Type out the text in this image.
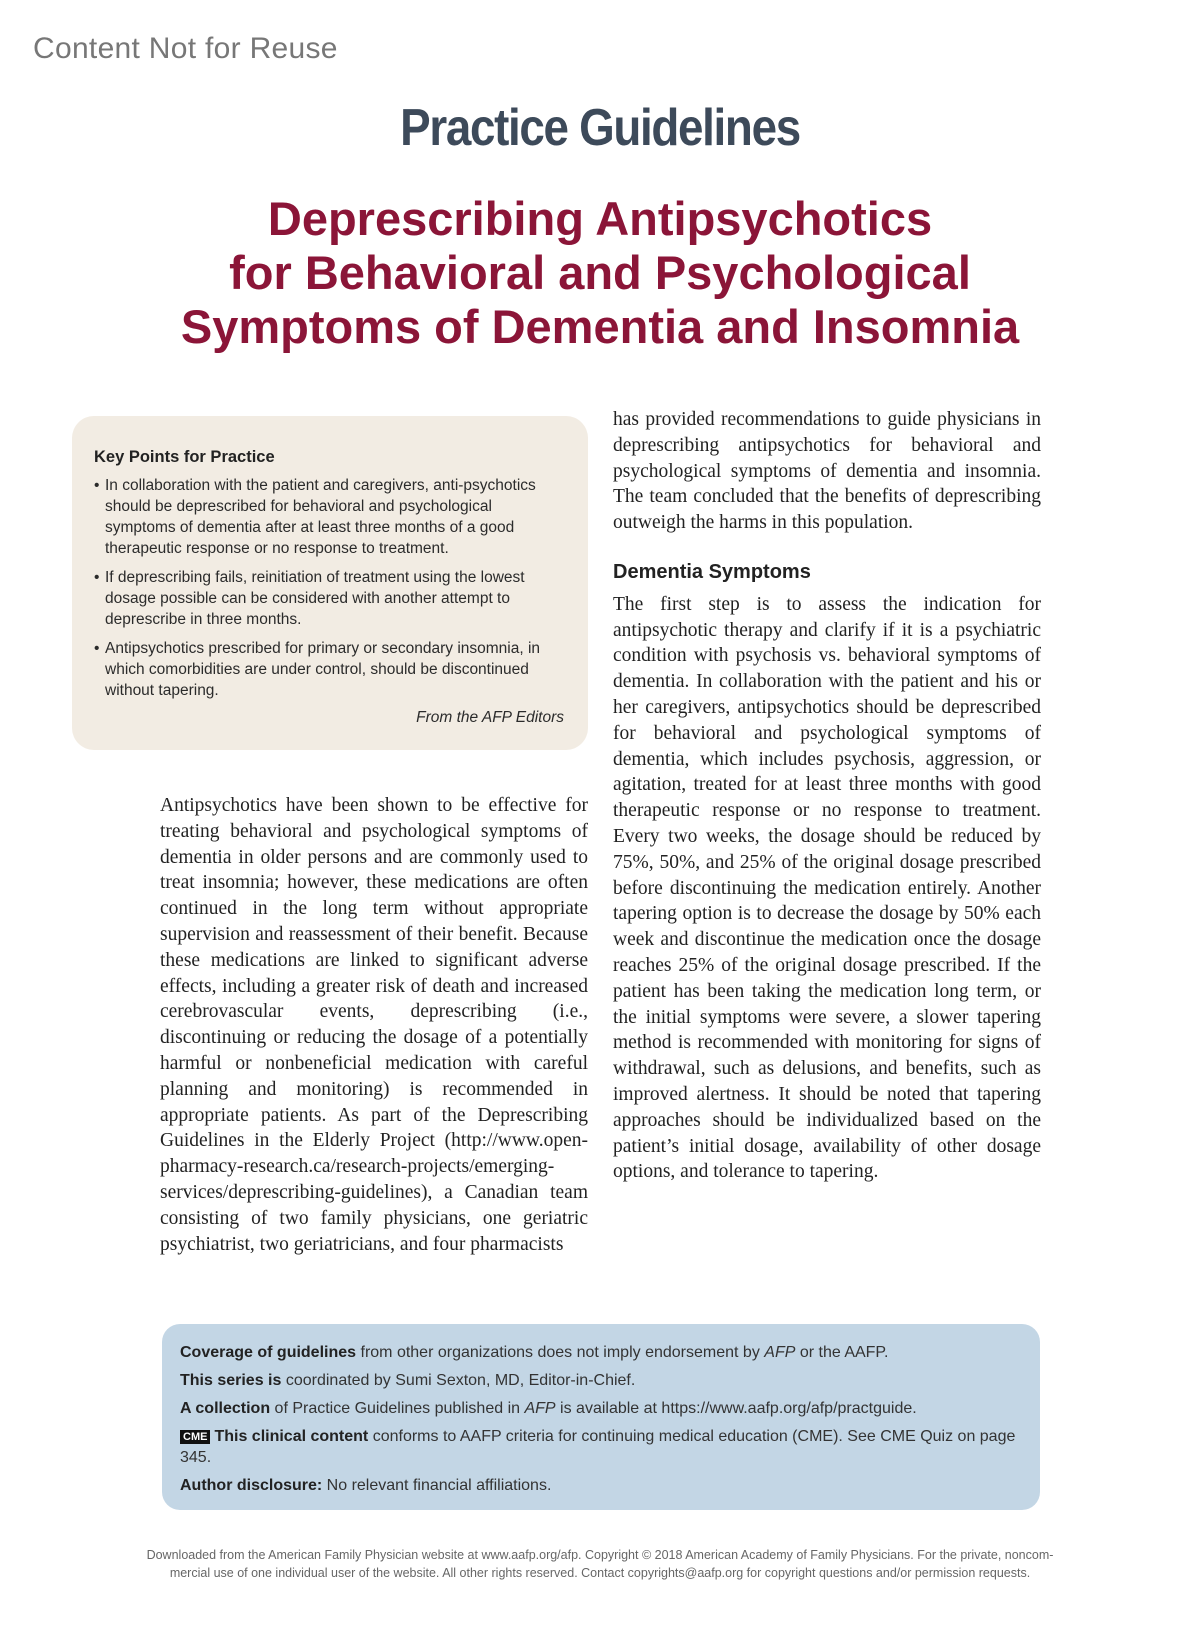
Content Not for Reuse
Practice Guidelines
Deprescribing Antipsychotics
for Behavioral and Psychological
Symptoms of Dementia and Insomnia
Key Points for Practice
• In collaboration with the patient and caregivers, anti-psychotics should be deprescribed for behavioral and psychological symptoms of dementia after at least three months of a good therapeutic response or no response to treatment.
• If deprescribing fails, reinitiation of treatment using the lowest dosage possible can be considered with another attempt to deprescribe in three months.
• Antipsychotics prescribed for primary or secondary insomnia, in which comorbidities are under control, should be discontinued without tapering.
From the AFP Editors

Antipsychotics have been shown to be effective for treating behavioral and psychological symptoms of dementia in older persons and are commonly used to treat insomnia; however, these medications are often continued in the long term without appropriate supervision and reassessment of their benefit. Because these medications are linked to significant adverse effects, including a greater risk of death and increased cerebrovascular events, deprescribing (i.e., discontinuing or reducing the dosage of a potentially harmful or nonbeneficial medication with careful planning and monitoring) is recommended in appropriate patients. As part of the Deprescribing Guidelines in the Elderly Project (http://www.open-pharmacy-research.ca/research-projects/emerging-services/deprescribing-guidelines), a Canadian team consisting of two family physicians, one geriatric psychiatrist, two geriatricians, and four pharmacists

has provided recommendations to guide physicians in deprescribing antipsychotics for behavioral and psychological symptoms of dementia and insomnia. The team concluded that the benefits of deprescribing outweigh the harms in this population.

Dementia Symptoms

The first step is to assess the indication for antipsychotic therapy and clarify if it is a psychiatric condition with psychosis vs. behavioral symptoms of dementia. In collaboration with the patient and his or her caregivers, antipsychotics should be deprescribed for behavioral and psychological symptoms of dementia, which includes psychosis, aggression, or agitation, treated for at least three months with good therapeutic response or no response to treatment. Every two weeks, the dosage should be reduced by 75%, 50%, and 25% of the original dosage prescribed before discontinuing the medication entirely. Another tapering option is to decrease the dosage by 50% each week and discontinue the medication once the dosage reaches 25% of the original dosage prescribed. If the patient has been taking the medication long term, or the initial symptoms were severe, a slower tapering method is recommended with monitoring for signs of withdrawal, such as delusions, and benefits, such as improved alertness. It should be noted that tapering approaches should be individualized based on the patient’s initial dosage, availability of other dosage options, and tolerance to tapering.

Coverage of guidelines from other organizations does not imply endorsement by AFP or the AAFP.

This series is coordinated by Sumi Sexton, MD, Editor-in-Chief.

A collection of Practice Guidelines published in AFP is available at https://www.aafp.org/afp/practguide.

CME This clinical content conforms to AAFP criteria for continuing medical education (CME). See CME Quiz on page 345.

Author disclosure: No relevant financial affiliations.

Downloaded from the American Family Physician website at www.aafp.org/afp. Copyright © 2018 American Academy of Family Physicians. For the private, noncom-
mercial use of one individual user of the website. All other rights reserved. Contact copyrights@aafp.org for copyright questions and/or permission requests.
